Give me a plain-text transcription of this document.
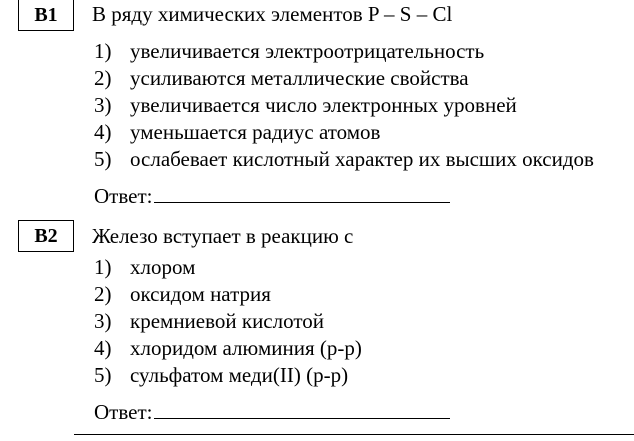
B1 В ряду химических элементов P – S – Cl
1) увеличивается электроотрицательность
2) усиливаются металлические свойства
3) увеличивается число электронных уровней
4) уменьшается радиус атомов
5) ослабевает кислотный характер их высших оксидов
Ответ:
B2 Железо вступает в реакцию с
1) хлором
2) оксидом натрия
3) кремниевой кислотой
4) хлоридом алюминия (р-р)
5) сульфатом меди(II) (р-р)
Ответ:
